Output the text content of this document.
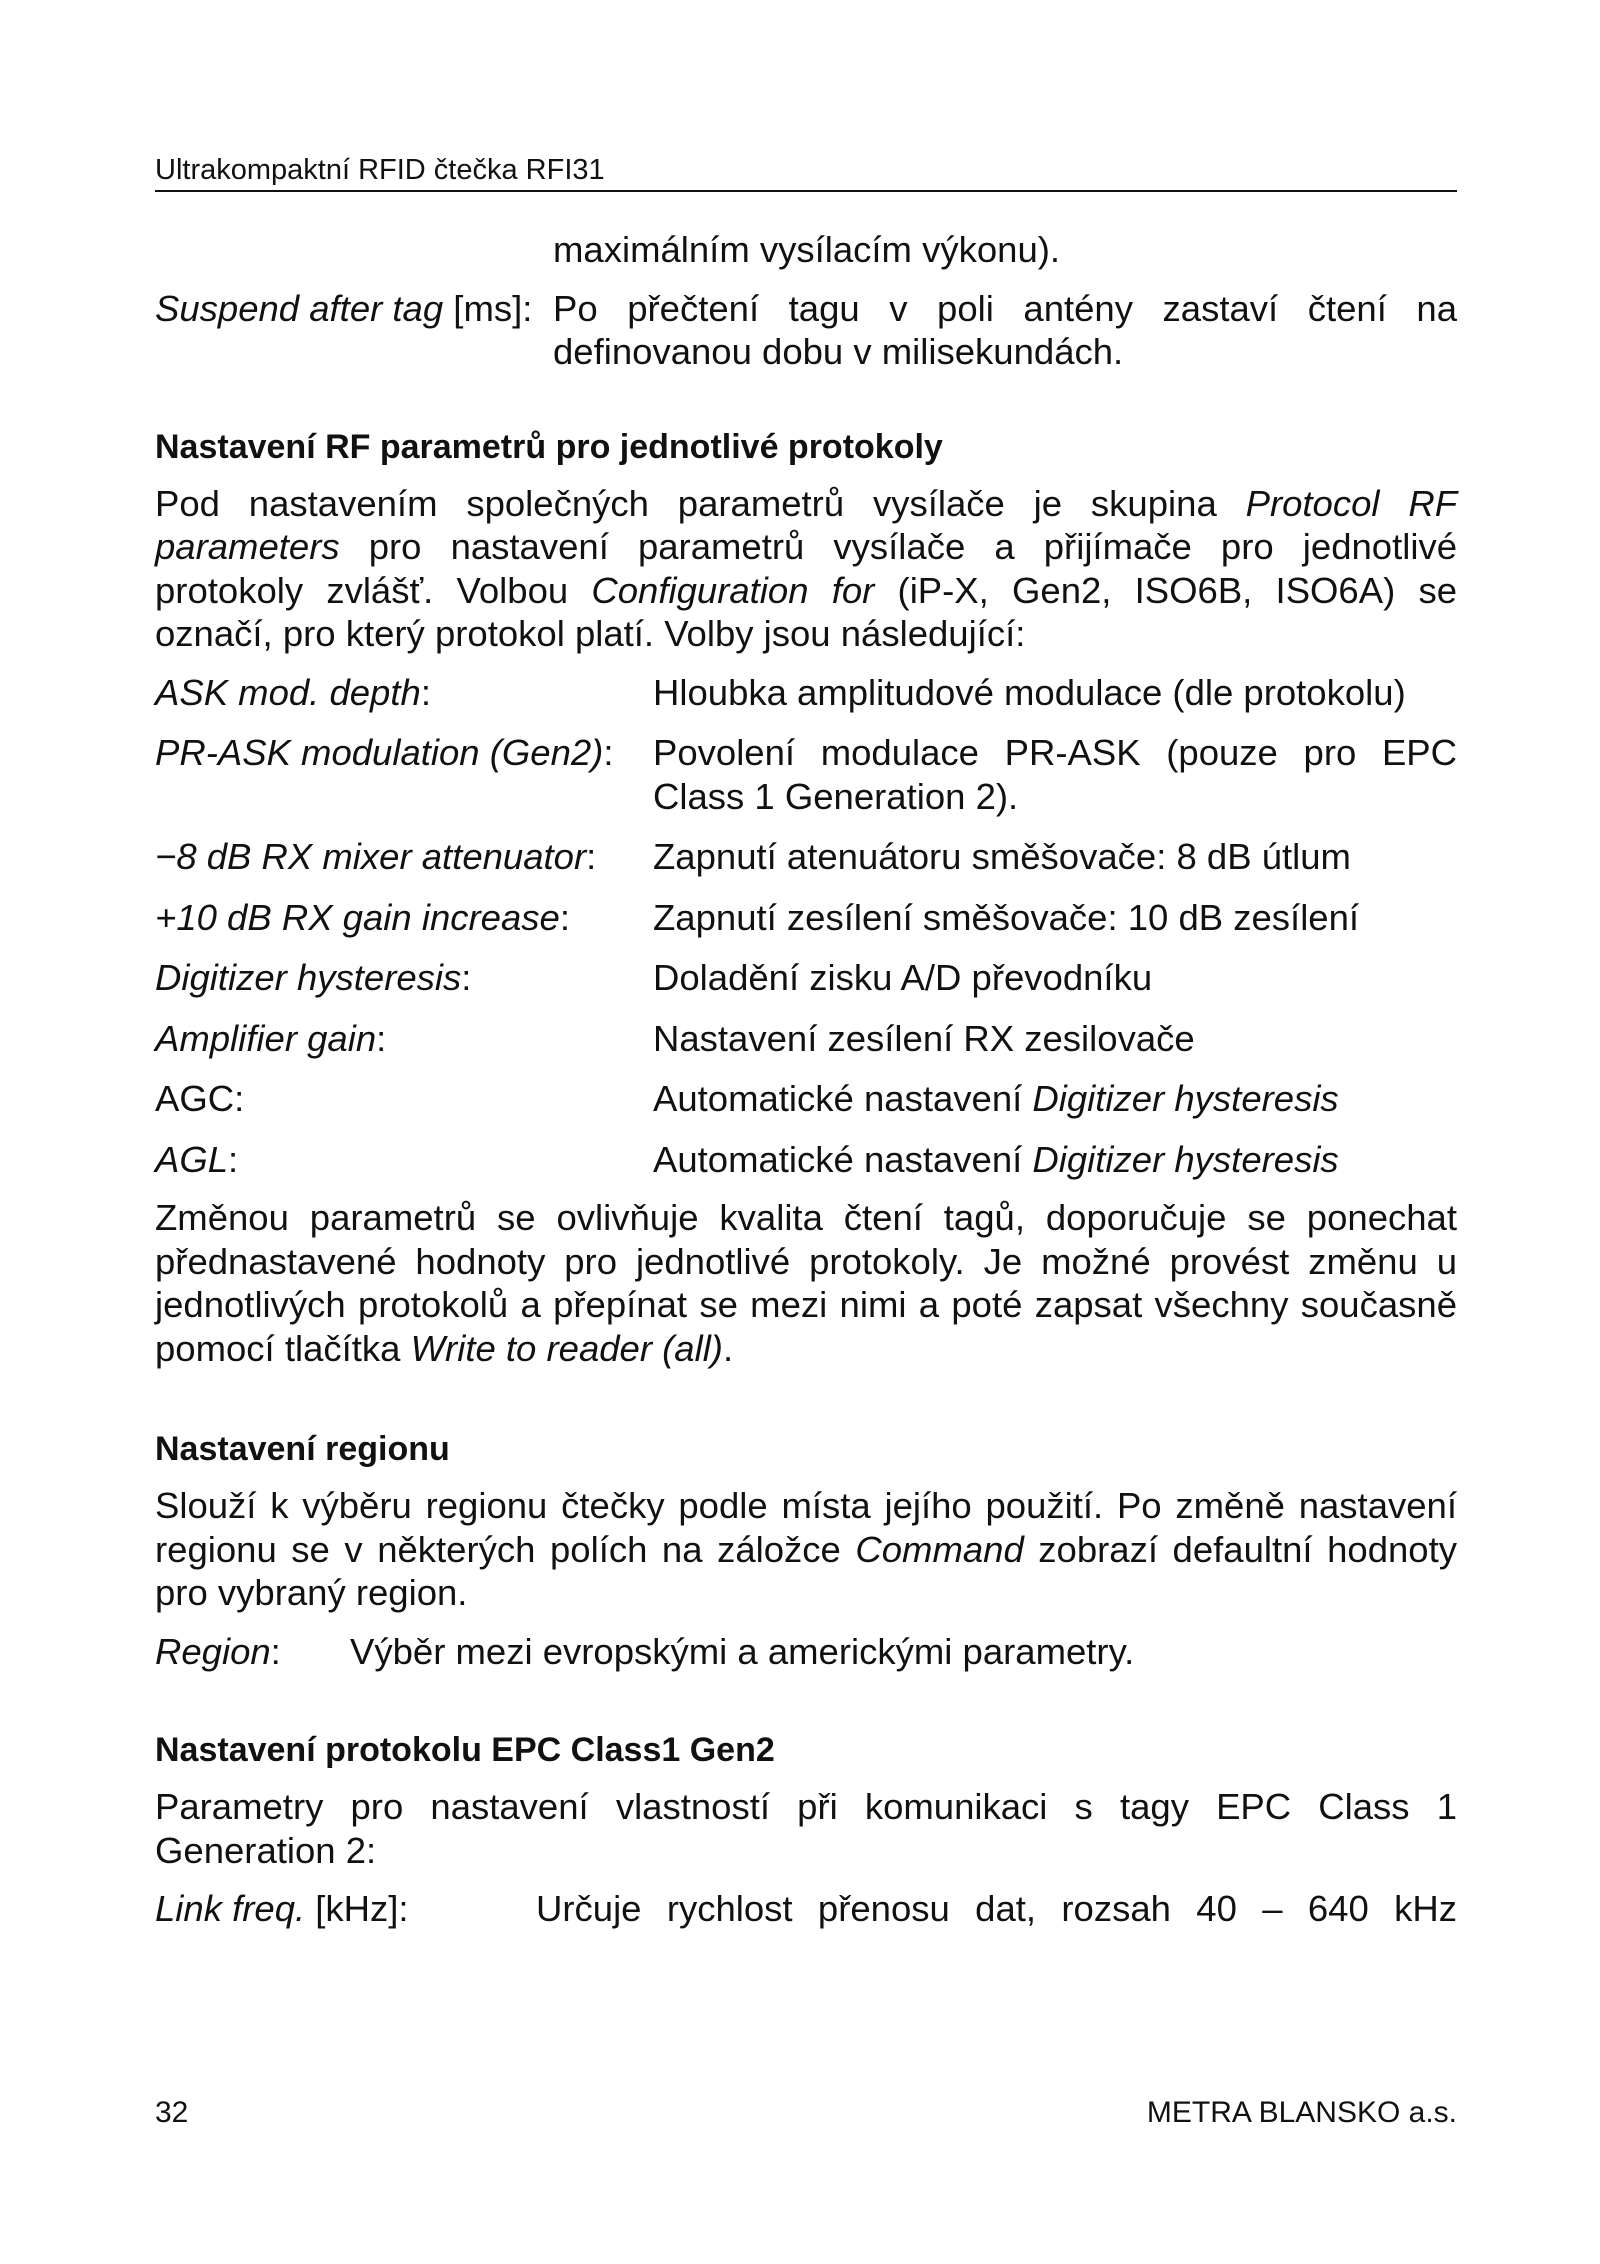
Ultrakompaktní RFID čtečka RFI31
maximálním vysílacím výkonu).
Suspend after tag [ms]: Po přečtení tagu v poli antény zastaví čtení na definovanou dobu v milisekundách.
Nastavení RF parametrů pro jednotlivé protokoly

Pod nastavením společných parametrů vysílače je skupina Protocol RF parameters pro nastavení parametrů vysílače a přijímače pro jednotlivé protokoly zvlášť. Volbou Configuration for (iP-X, Gen2, ISO6B, ISO6A) se označí, pro který protokol platí. Volby jsou následující:

ASK mod. depth:	Hloubka amplitudové modulace (dle protokolu)
PR-ASK modulation (Gen2):	Povolení modulace PR-ASK (pouze pro EPC Class 1 Generation 2).
−8 dB RX mixer attenuator:	Zapnutí atenuátoru směšovače: 8 dB útlum
+10 dB RX gain increase:	Zapnutí zesílení směšovače: 10 dB zesílení
Digitizer hysteresis:	Doladění zisku A/D převodníku
Amplifier gain:	Nastavení zesílení RX zesilovače
AGC:	Automatické nastavení Digitizer hysteresis
AGL:	Automatické nastavení Digitizer hysteresis

Změnou parametrů se ovlivňuje kvalita čtení tagů, doporučuje se ponechat přednastavené hodnoty pro jednotlivé protokoly. Je možné provést změnu u jednotlivých protokolů a přepínat se mezi nimi a poté zapsat všechny současně pomocí tlačítka Write to reader (all).

Nastavení regionu

Slouží k výběru regionu čtečky podle místa jejího použití. Po změně nastavení regionu se v některých polích na záložce Command zobrazí defaultní hodnoty pro vybraný region.

Region:	Výběr mezi evropskými a americkými parametry.
Nastavení protokolu EPC Class1 Gen2

Parametry pro nastavení vlastností při komunikaci s tagy EPC Class 1 Generation 2:

Link freq. [kHz]:	Určuje rychlost přenosu dat, rozsah 40 – 640 kHz
32	METRA BLANSKO a.s.
